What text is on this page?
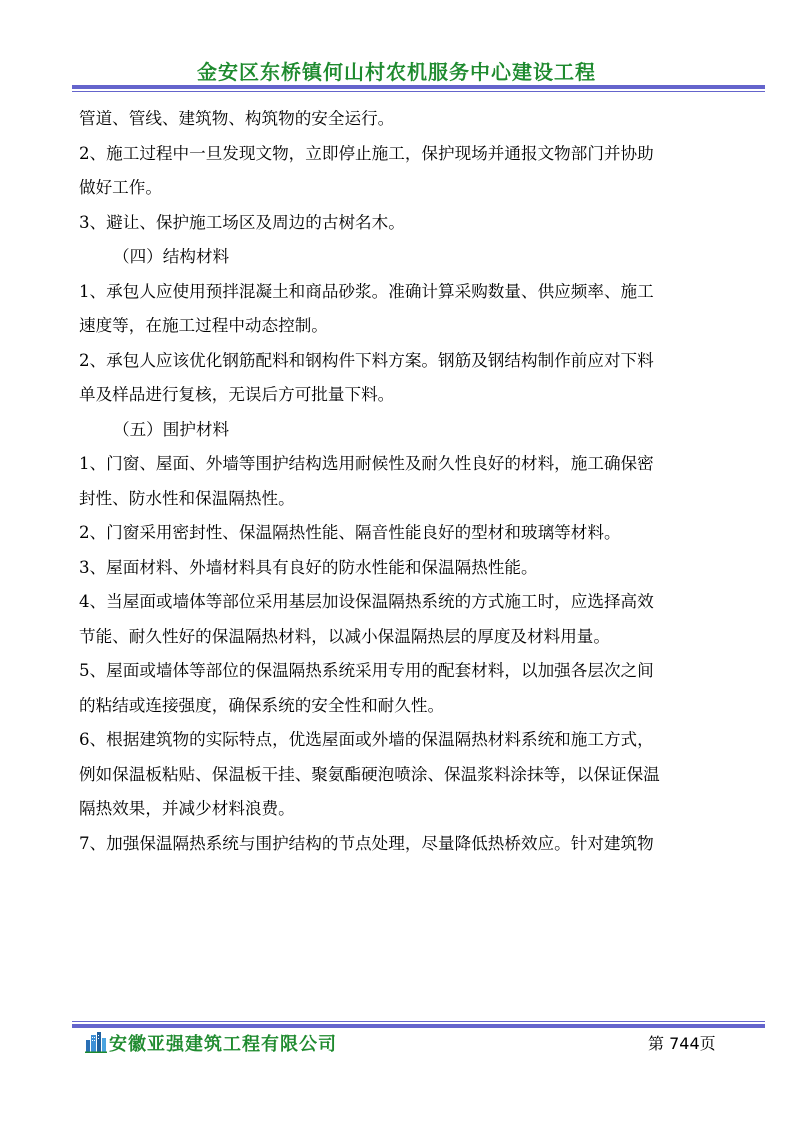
金安区东桥镇何山村农机服务中心建设工程

管道、管线、建筑物、构筑物的安全运行。

2、施工过程中一旦发现文物，立即停止施工，保护现场并通报文物部门并协助

做好工作。

3、避让、保护施工场区及周边的古树名木。

（四）结构材料

1、承包人应使用预拌混凝土和商品砂浆。准确计算采购数量、供应频率、施工

速度等，在施工过程中动态控制。

2、承包人应该优化钢筋配料和钢构件下料方案。钢筋及钢结构制作前应对下料

单及样品进行复核，无误后方可批量下料。

（五）围护材料

1、门窗、屋面、外墙等围护结构选用耐候性及耐久性良好的材料，施工确保密

封性、防水性和保温隔热性。

2、门窗采用密封性、保温隔热性能、隔音性能良好的型材和玻璃等材料。

3、屋面材料、外墙材料具有良好的防水性能和保温隔热性能。

4、当屋面或墙体等部位采用基层加设保温隔热系统的方式施工时，应选择高效

节能、耐久性好的保温隔热材料，以减小保温隔热层的厚度及材料用量。

5、屋面或墙体等部位的保温隔热系统采用专用的配套材料，以加强各层次之间

的粘结或连接强度，确保系统的安全性和耐久性。

6、根据建筑物的实际特点，优选屋面或外墙的保温隔热材料系统和施工方式，

例如保温板粘贴、保温板干挂、聚氨酯硬泡喷涂、保温浆料涂抹等，以保证保温

隔热效果，并减少材料浪费。

7、加强保温隔热系统与围护结构的节点处理，尽量降低热桥效应。针对建筑物

安徽亚强建筑工程有限公司	第 744页
